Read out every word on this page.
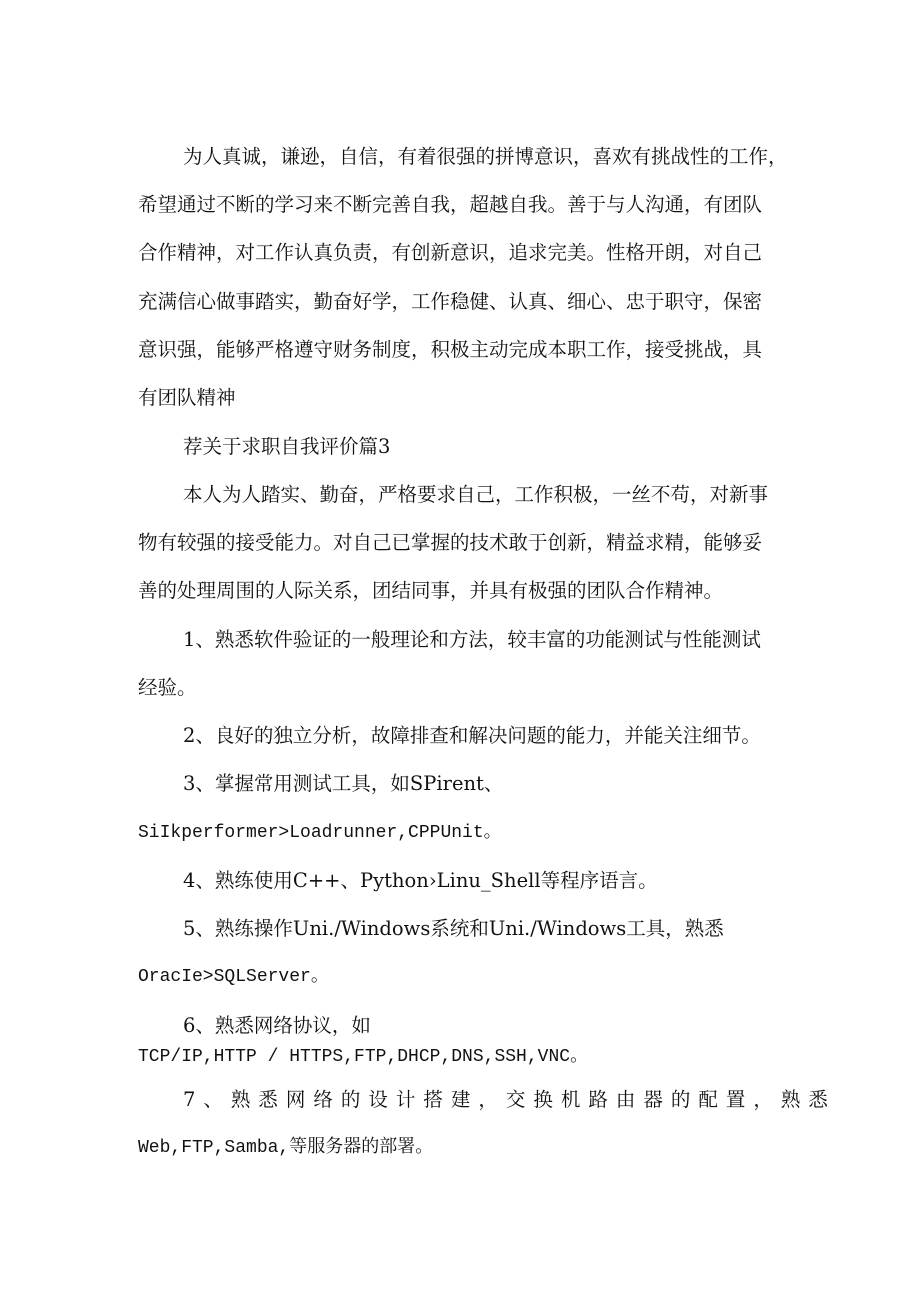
为人真诚，谦逊，自信，有着很强的拼博意识，喜欢有挑战性的工作，
希望通过不断的学习来不断完善自我，超越自我。善于与人沟通，有团队
合作精神，对工作认真负责，有创新意识，追求完美。性格开朗，对自己
充满信心做事踏实，勤奋好学，工作稳健、认真、细心、忠于职守，保密
意识强，能够严格遵守财务制度，积极主动完成本职工作，接受挑战，具
有团队精神
荐关于求职自我评价篇3
本人为人踏实、勤奋，严格要求自己，工作积极，一丝不苟，对新事
物有较强的接受能力。对自己已掌握的技术敢于创新，精益求精，能够妥
善的处理周围的人际关系，团结同事，并具有极强的团队合作精神。
1、熟悉软件验证的一般理论和方法，较丰富的功能测试与性能测试
经验。
2、良好的独立分析，故障排查和解决问题的能力，并能关注细节。
3、掌握常用测试工具，如SPirent、
SiIkperformer>Loadrunner,CPPUnit。
4、熟练使用C++、Python›Linu_Shell等程序语言。
5、熟练操作Uni./Windows系统和Uni./Windows工具，熟悉
OracIe>SQLServer。
6、熟悉网络协议，如
TCP/IP,HTTP / HTTPS,FTP,DHCP,DNS,SSH,VNC。
7、熟悉网络的设计搭建，交换机路由器的配置，熟悉
Web,FTP,Samba,等服务器的部署。
